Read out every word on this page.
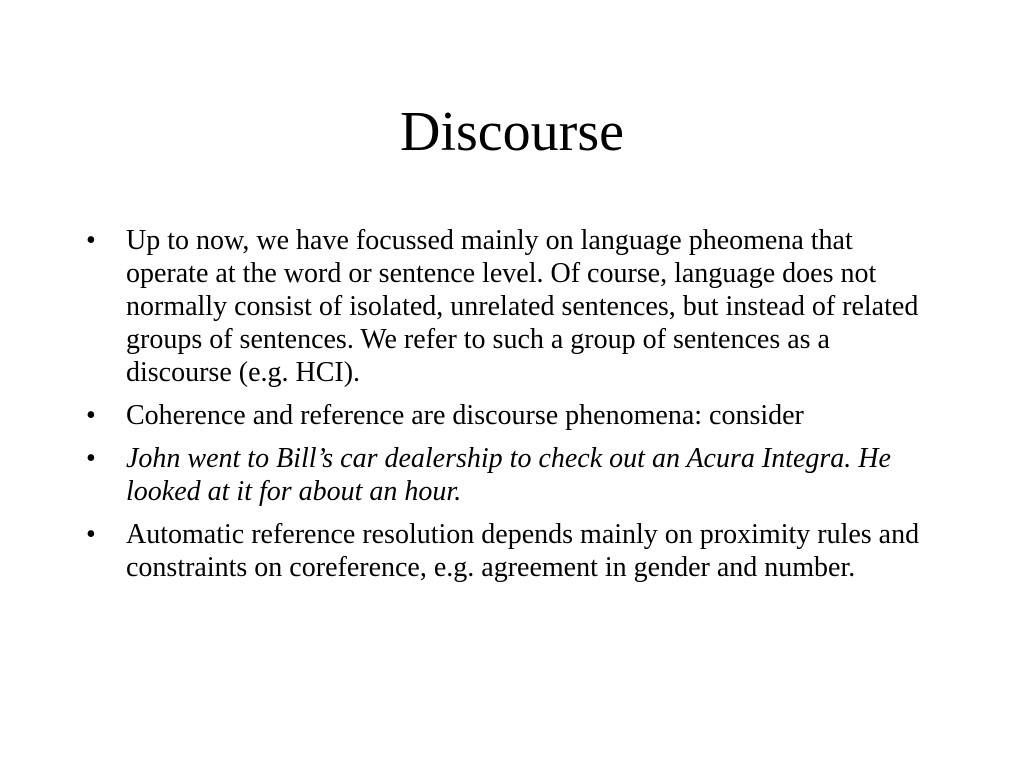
Discourse
• Up to now, we have focussed mainly on language pheomena that operate at the word or sentence level. Of course, language does not normally consist of isolated, unrelated sentences, but instead of related groups of sentences. We refer to such a group of sentences as a discourse (e.g. HCI).
• Coherence and reference are discourse phenomena: consider
• John went to Bill’s car dealership to check out an Acura Integra. He looked at it for about an hour.
• Automatic reference resolution depends mainly on proximity rules and constraints on coreference, e.g. agreement in gender and number.
